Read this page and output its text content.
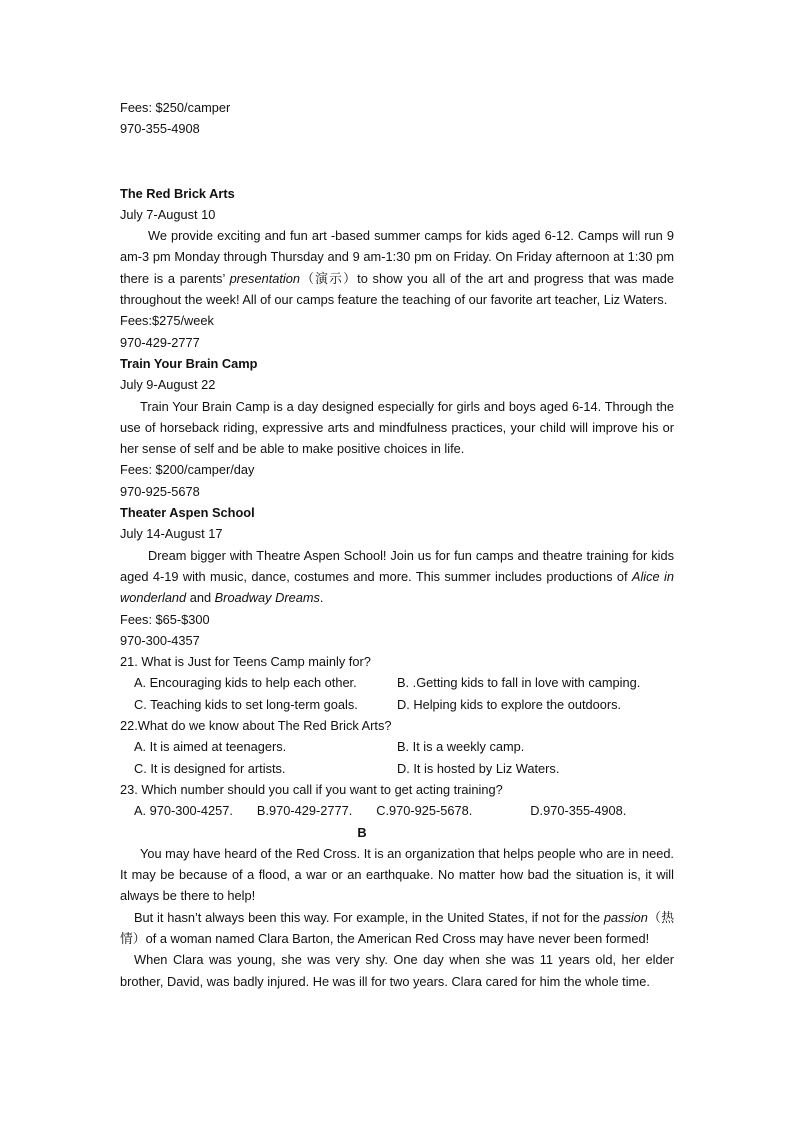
Fees: $250/camper
970-355-4908
The Red Brick Arts
July 7-August 10
We provide exciting and fun art -based summer camps for kids aged 6-12. Camps will run 9 am-3 pm Monday through Thursday and 9 am-1:30 pm on Friday. On Friday afternoon at 1:30 pm there is a parents’ presentation（演示）to show you all of the art and progress that was made throughout the week! All of our camps feature the teaching of our favorite art teacher, Liz Waters.
Fees:$275/week
970-429-2777
Train Your Brain Camp
July 9-August 22
Train Your Brain Camp is a day designed especially for girls and boys aged 6-14. Through the use of horseback riding, expressive arts and mindfulness practices, your child will improve his or her sense of self and be able to make positive choices in life.
Fees: $200/camper/day
970-925-5678
Theater Aspen School
July 14-August 17
Dream bigger with Theatre Aspen School! Join us for fun camps and theatre training for kids aged 4-19 with music, dance, costumes and more. This summer includes productions of Alice in wonderland and Broadway Dreams.
Fees: $65-$300
970-300-4357
21. What is Just for Teens Camp mainly for?
A. Encouraging kids to help each other.	B. .Getting kids to fall in love with camping.
C. Teaching kids to set long-term goals.	D. Helping kids to explore the outdoors.
22.What do we know about The Red Brick Arts?
A. It is aimed at teenagers.	B. It is a weekly camp.
C. It is designed for artists.	D. It is hosted by Liz Waters.
23. Which number should you call if you want to get acting training?
A. 970-300-4257. B.970-429-2777. C.970-925-5678.	D.970-355-4908.
B
You may have heard of the Red Cross. It is an organization that helps people who are in need. It may be because of a flood, a war or an earthquake. No matter how bad the situation is, it will always be there to help!
But it hasn’t always been this way. For example, in the United States, if not for the passion（热情）of a woman named Clara Barton, the American Red Cross may have never been formed!
When Clara was young, she was very shy. One day when she was 11 years old, her elder brother, David, was badly injured. He was ill for two years. Clara cared for him the whole time.
